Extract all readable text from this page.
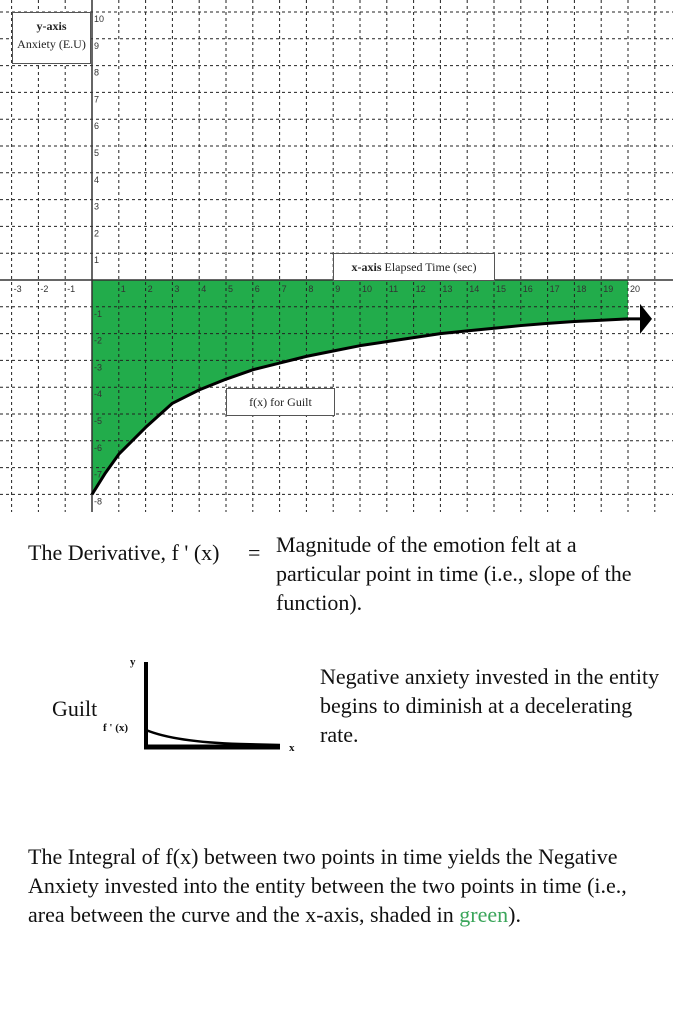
-3 -2 -1	1 2 3 4 5 6 7 8 9 10 11 12 13 14 15 16 17 18 19 20
10
9
8
7
6
5
4
3
2
1
-1
-2
-3
-4
-5
-6
-7
-8
y-axis
Anxiety (E.U)
x-axis Elapsed Time (sec)
f(x) for Guilt
The Derivative, f ' (x) = Magnitude of the emotion felt at a particular point in time (i.e., slope of the function).
Guilt
y
f ' (x)
x
Negative anxiety invested in the entity begins to diminish at a decelerating rate.
The Integral of f(x) between two points in time yields the Negative Anxiety invested into the entity between the two points in time (i.e., area between the curve and the x-axis, shaded in green).
